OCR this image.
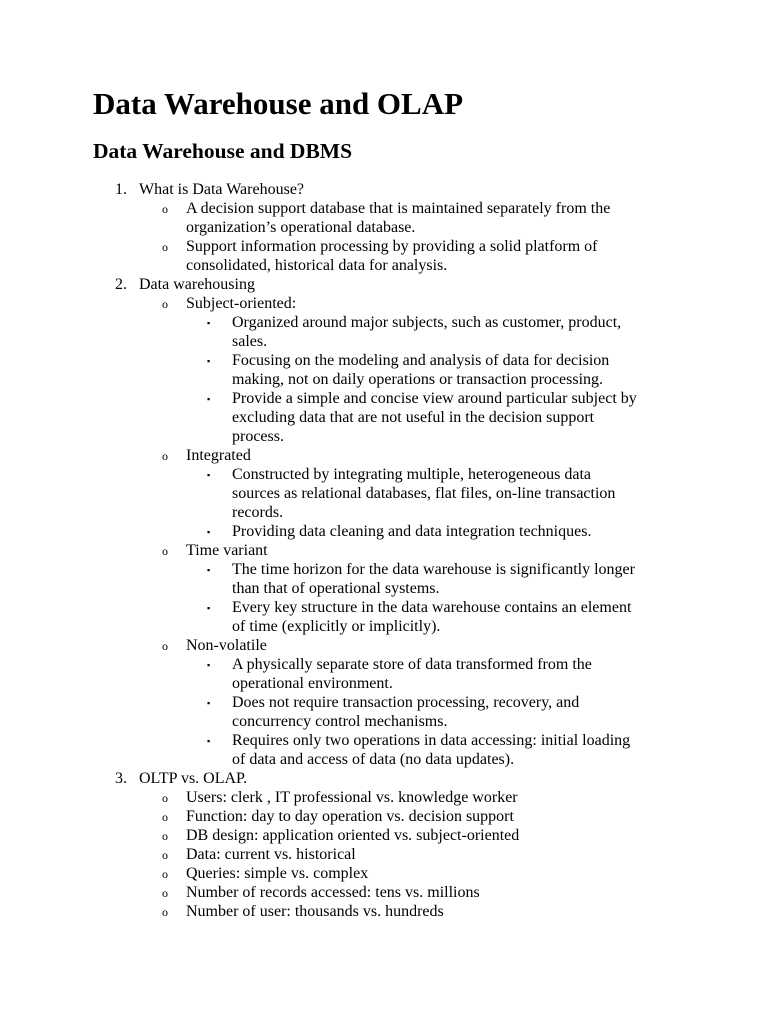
Data Warehouse and OLAP
Data Warehouse and DBMS
1. What is Data Warehouse?
o A decision support database that is maintained separately from the
organization’s operational database.
o Support information processing by providing a solid platform of
consolidated, historical data for analysis.
2. Data warehousing
o Subject-oriented:
▪ Organized around major subjects, such as customer, product,
sales.
▪ Focusing on the modeling and analysis of data for decision
making, not on daily operations or transaction processing.
▪ Provide a simple and concise view around particular subject by
excluding data that are not useful in the decision support
process.
o Integrated
▪ Constructed by integrating multiple, heterogeneous data
sources as relational databases, flat files, on-line transaction
records.
▪ Providing data cleaning and data integration techniques.
o Time variant
▪ The time horizon for the data warehouse is significantly longer
than that of operational systems.
▪ Every key structure in the data warehouse contains an element
of time (explicitly or implicitly).
o Non-volatile
▪ A physically separate store of data transformed from the
operational environment.
▪ Does not require transaction processing, recovery, and
concurrency control mechanisms.
▪ Requires only two operations in data accessing: initial loading
of data and access of data (no data updates).
3. OLTP vs. OLAP.
o Users: clerk , IT professional vs. knowledge worker
o Function: day to day operation vs. decision support
o DB design: application oriented vs. subject-oriented
o Data: current vs. historical
o Queries: simple vs. complex
o Number of records accessed: tens vs. millions
o Number of user: thousands vs. hundreds
